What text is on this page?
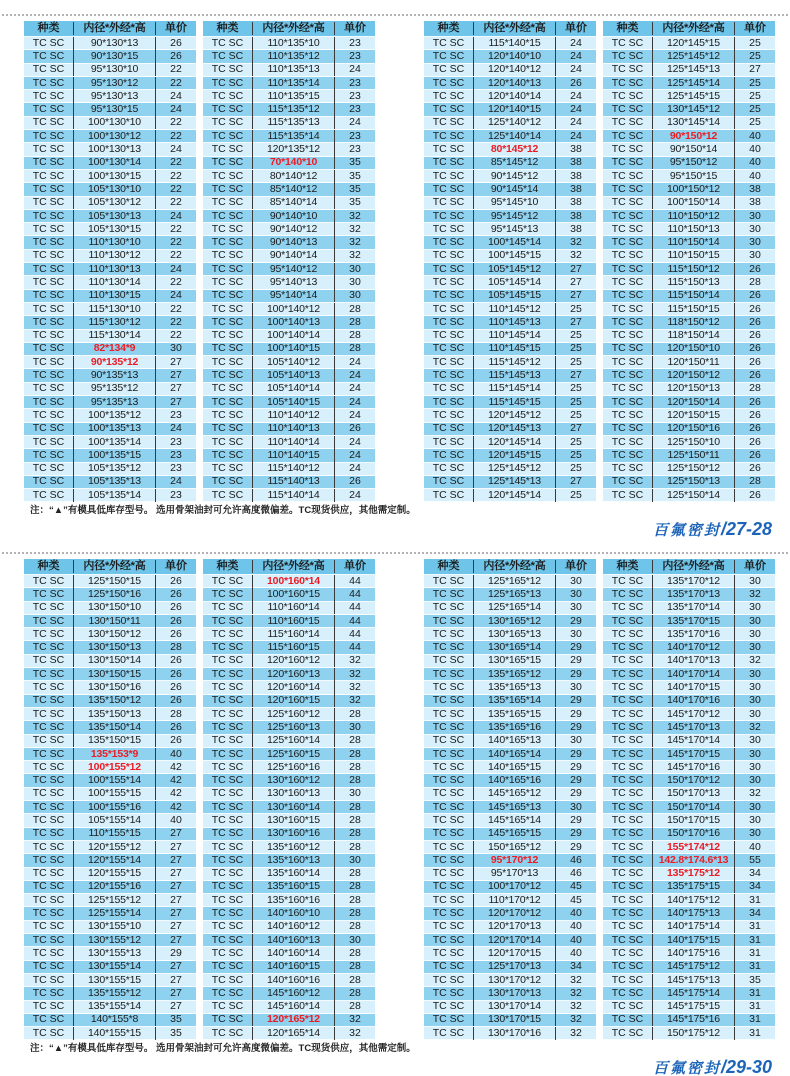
种类	内径*外经*高	单价
TC SC	90*130*13	26
TC SC	90*130*15	26
TC SC	95*130*10	22
TC SC	95*130*12	22
TC SC	95*130*13	24
TC SC	95*130*15	24
TC SC	100*130*10	22
TC SC	100*130*12	22
TC SC	100*130*13	24
TC SC	100*130*14	22
TC SC	100*130*15	22
TC SC	105*130*10	22
TC SC	105*130*12	22
TC SC	105*130*13	24
TC SC	105*130*15	22
TC SC	110*130*10	22
TC SC	110*130*12	22
TC SC	110*130*13	24
TC SC	110*130*14	22
TC SC	110*130*15	24
TC SC	115*130*10	22
TC SC	115*130*12	22
TC SC	115*130*14	22
TC SC	82*134*9	30
TC SC	90*135*12	27
TC SC	90*135*13	27
TC SC	95*135*12	27
TC SC	95*135*13	27
TC SC	100*135*12	23
TC SC	100*135*13	24
TC SC	100*135*14	23
TC SC	100*135*15	23
TC SC	105*135*12	23
TC SC	105*135*13	24
TC SC	105*135*14	23
种类	内径*外经*高	单价
TC SC	110*135*10	23
TC SC	110*135*12	23
TC SC	110*135*13	24
TC SC	110*135*14	23
TC SC	110*135*15	23
TC SC	115*135*12	23
TC SC	115*135*13	24
TC SC	115*135*14	23
TC SC	120*135*12	23
TC SC	70*140*10	35
TC SC	80*140*12	35
TC SC	85*140*12	35
TC SC	85*140*14	35
TC SC	90*140*10	32
TC SC	90*140*12	32
TC SC	90*140*13	32
TC SC	90*140*14	32
TC SC	95*140*12	30
TC SC	95*140*13	30
TC SC	95*140*14	30
TC SC	100*140*12	28
TC SC	100*140*13	28
TC SC	100*140*14	28
TC SC	100*140*15	28
TC SC	105*140*12	24
TC SC	105*140*13	24
TC SC	105*140*14	24
TC SC	105*140*15	24
TC SC	110*140*12	24
TC SC	110*140*13	26
TC SC	110*140*14	24
TC SC	110*140*15	24
TC SC	115*140*12	24
TC SC	115*140*13	26
TC SC	115*140*14	24
种类	内径*外经*高	单价
TC SC	115*140*15	24
TC SC	120*140*10	24
TC SC	120*140*12	24
TC SC	120*140*13	26
TC SC	120*140*14	24
TC SC	120*140*15	24
TC SC	125*140*12	24
TC SC	125*140*14	24
TC SC	80*145*12	38
TC SC	85*145*12	38
TC SC	90*145*12	38
TC SC	90*145*14	38
TC SC	95*145*10	38
TC SC	95*145*12	38
TC SC	95*145*13	38
TC SC	100*145*14	32
TC SC	100*145*15	32
TC SC	105*145*12	27
TC SC	105*145*14	27
TC SC	105*145*15	27
TC SC	110*145*12	25
TC SC	110*145*13	27
TC SC	110*145*14	25
TC SC	110*145*15	25
TC SC	115*145*12	25
TC SC	115*145*13	27
TC SC	115*145*14	25
TC SC	115*145*15	25
TC SC	120*145*12	25
TC SC	120*145*13	27
TC SC	120*145*14	25
TC SC	120*145*15	25
TC SC	125*145*12	25
TC SC	125*145*13	27
TC SC	120*145*14	25
种类	内径*外经*高	单价
TC SC	120*145*15	25
TC SC	125*145*12	25
TC SC	125*145*13	27
TC SC	125*145*14	25
TC SC	125*145*15	25
TC SC	130*145*12	25
TC SC	130*145*14	25
TC SC	90*150*12	40
TC SC	90*150*14	40
TC SC	95*150*12	40
TC SC	95*150*15	40
TC SC	100*150*12	38
TC SC	100*150*14	38
TC SC	110*150*12	30
TC SC	110*150*13	30
TC SC	110*150*14	30
TC SC	110*150*15	30
TC SC	115*150*12	26
TC SC	115*150*13	28
TC SC	115*150*14	26
TC SC	115*150*15	26
TC SC	118*150*12	26
TC SC	118*150*14	26
TC SC	120*150*10	26
TC SC	120*150*11	26
TC SC	120*150*12	26
TC SC	120*150*13	28
TC SC	120*150*14	26
TC SC	120*150*15	26
TC SC	120*150*16	26
TC SC	125*150*10	26
TC SC	125*150*11	26
TC SC	125*150*12	26
TC SC	125*150*13	28
TC SC	125*150*14	26
注：“▲”有模具低库存型号。 选用骨架油封可允许高度微偏差。TC现货供应，其他需定制。
百氟密封/27-28
种类	内径*外经*高	单价
TC SC	125*150*15	26
TC SC	125*150*16	26
TC SC	130*150*10	26
TC SC	130*150*11	26
TC SC	130*150*12	26
TC SC	130*150*13	28
TC SC	130*150*14	26
TC SC	130*150*15	26
TC SC	130*150*16	26
TC SC	135*150*12	26
TC SC	135*150*13	28
TC SC	135*150*14	26
TC SC	135*150*15	26
TC SC	135*153*9	40
TC SC	100*155*12	42
TC SC	100*155*14	42
TC SC	100*155*15	42
TC SC	100*155*16	42
TC SC	105*155*14	40
TC SC	110*155*15	27
TC SC	120*155*12	27
TC SC	120*155*14	27
TC SC	120*155*15	27
TC SC	120*155*16	27
TC SC	125*155*12	27
TC SC	125*155*14	27
TC SC	130*155*10	27
TC SC	130*155*12	27
TC SC	130*155*13	29
TC SC	130*155*14	27
TC SC	130*155*15	27
TC SC	135*155*12	27
TC SC	135*155*14	27
TC SC	140*155*8	35
TC SC	140*155*15	35
种类	内径*外经*高	单价
TC SC	100*160*14	44
TC SC	100*160*15	44
TC SC	110*160*14	44
TC SC	110*160*15	44
TC SC	115*160*14	44
TC SC	115*160*15	44
TC SC	120*160*12	32
TC SC	120*160*13	32
TC SC	120*160*14	32
TC SC	120*160*15	32
TC SC	125*160*12	28
TC SC	125*160*13	30
TC SC	125*160*14	28
TC SC	125*160*15	28
TC SC	125*160*16	28
TC SC	130*160*12	28
TC SC	130*160*13	30
TC SC	130*160*14	28
TC SC	130*160*15	28
TC SC	130*160*16	28
TC SC	135*160*12	28
TC SC	135*160*13	30
TC SC	135*160*14	28
TC SC	135*160*15	28
TC SC	135*160*16	28
TC SC	140*160*10	28
TC SC	140*160*12	28
TC SC	140*160*13	30
TC SC	140*160*14	28
TC SC	140*160*15	28
TC SC	140*160*16	28
TC SC	145*160*12	28
TC SC	145*160*14	28
TC SC	120*165*12	32
TC SC	120*165*14	32
种类	内径*外经*高	单价
TC SC	125*165*12	30
TC SC	125*165*13	30
TC SC	125*165*14	30
TC SC	130*165*12	29
TC SC	130*165*13	30
TC SC	130*165*14	29
TC SC	130*165*15	29
TC SC	135*165*12	29
TC SC	135*165*13	30
TC SC	135*165*14	29
TC SC	135*165*15	29
TC SC	135*165*16	29
TC SC	140*165*13	30
TC SC	140*165*14	29
TC SC	140*165*15	29
TC SC	140*165*16	29
TC SC	145*165*12	29
TC SC	145*165*13	30
TC SC	145*165*14	29
TC SC	145*165*15	29
TC SC	150*165*12	29
TC SC	95*170*12	46
TC SC	95*170*13	46
TC SC	100*170*12	45
TC SC	110*170*12	45
TC SC	120*170*12	40
TC SC	120*170*13	40
TC SC	120*170*14	40
TC SC	120*170*15	40
TC SC	125*170*13	34
TC SC	130*170*12	32
TC SC	130*170*13	32
TC SC	130*170*14	32
TC SC	130*170*15	32
TC SC	130*170*16	32
种类	内径*外经*高	单价
TC SC	135*170*12	30
TC SC	135*170*13	32
TC SC	135*170*14	30
TC SC	135*170*15	30
TC SC	135*170*16	30
TC SC	140*170*12	30
TC SC	140*170*13	32
TC SC	140*170*14	30
TC SC	140*170*15	30
TC SC	140*170*16	30
TC SC	145*170*12	30
TC SC	145*170*13	32
TC SC	145*170*14	30
TC SC	145*170*15	30
TC SC	145*170*16	30
TC SC	150*170*12	30
TC SC	150*170*13	32
TC SC	150*170*14	30
TC SC	150*170*15	30
TC SC	150*170*16	30
TC SC	155*174*12	40
TC SC	142.8*174.6*13	55
TC SC	135*175*12	34
TC SC	135*175*15	34
TC SC	140*175*12	31
TC SC	140*175*13	34
TC SC	140*175*14	31
TC SC	140*175*15	31
TC SC	140*175*16	31
TC SC	145*175*12	31
TC SC	145*175*13	35
TC SC	145*175*14	31
TC SC	145*175*15	31
TC SC	145*175*16	31
TC SC	150*175*12	31
注：“▲”有模具低库存型号。 选用骨架油封可允许高度微偏差。TC现货供应，其他需定制。
百氟密封/29-30
